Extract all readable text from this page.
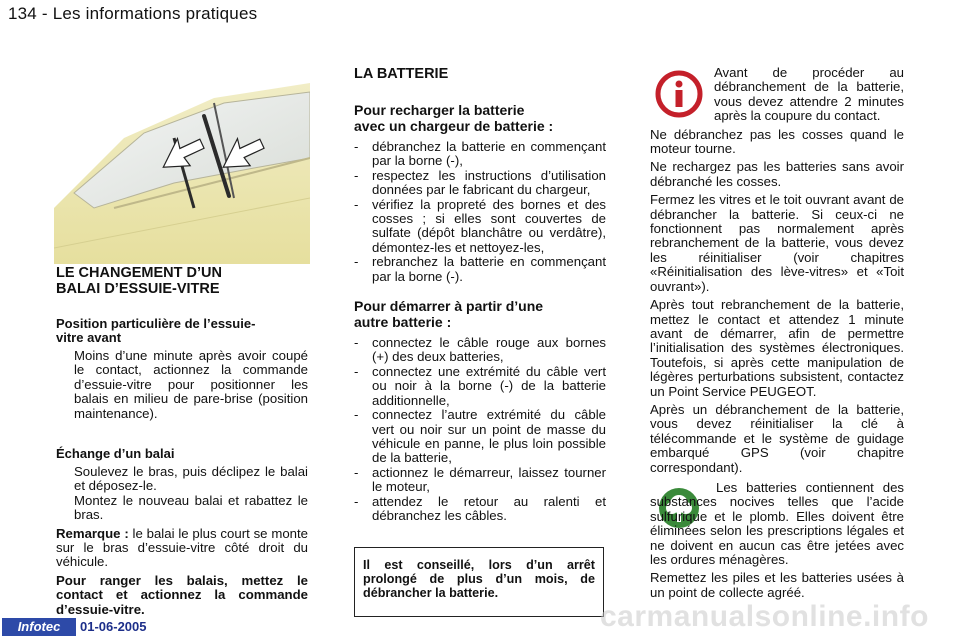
134 - Les informations pratiques
LE CHANGEMENT D’UN
BALAI D’ESSUIE-VITRE
Position particulière de l’essuie-
vitre avant
Moins d’une minute après avoir coupé le contact, actionnez la commande d’essuie-vitre pour positionner les balais en milieu de pare-brise (position maintenance).
Échange d’un balai
Soulevez le bras, puis déclipez le balai et déposez-le.
Montez le nouveau balai et rabattez le bras.

Remarque : le balai le plus court se monte sur le bras d’essuie-vitre côté droit du véhicule.

Pour ranger les balais, mettez le contact et actionnez la commande d’essuie-vitre.

LA BATTERIE
Pour recharger la batterie
avec un chargeur de batterie :
- débranchez la batterie en commençant par la borne (-),
- respectez les instructions d’utilisation données par le fabricant du chargeur,
- vérifiez la propreté des bornes et des cosses ; si elles sont couvertes de sulfate (dépôt blanchâtre ou verdâtre), démontez-les et nettoyez-les,
- rebranchez la batterie en commençant par la borne (-).
Pour démarrer à partir d’une
autre batterie :
- connectez le câble rouge aux bornes (+) des deux batteries,
- connectez une extrémité du câble vert ou noir à la borne (-) de la batterie additionnelle,
- connectez l’autre extrémité du câble vert ou noir sur un point de masse du véhicule en panne, le plus loin possible de la batterie,
- actionnez le démarreur, laissez tourner le moteur,
- attendez le retour au ralenti et débranchez les câbles.

Il est conseillé, lors d’un arrêt prolongé de plus d’un mois, de débrancher la batterie.

Avant de procéder au débranchement de la batterie, vous devez attendre 2 minutes après la coupure du contact.

Ne débranchez pas les cosses quand le moteur tourne.

Ne rechargez pas les batteries sans avoir débranché les cosses.

Fermez les vitres et le toit ouvrant avant de débrancher la batterie. Si ceux-ci ne fonctionnent pas normalement après rebranchement de la batterie, vous devez les réinitialiser (voir chapitres «Réinitialisation des lève-vitres» et «Toit ouvrant»).

Après tout rebranchement de la batterie, mettez le contact et attendez 1 minute avant de démarrer, afin de permettre l’initialisation des systèmes électroniques. Toutefois, si après cette manipulation de légères perturbations subsistent, contactez un Point Service PEUGEOT.

Après un débranchement de la batterie, vous devez réinitialiser la clé à télécommande et le système de guidage embarqué GPS (voir chapitre correspondant).

Les batteries contiennent des substances nocives telles que l’acide sulfurique et le plomb. Elles doivent être éliminées selon les prescriptions légales et ne doivent en aucun cas être jetées avec les ordures ménagères.

Remettez les piles et les batteries usées à un point de collecte agréé.

Infotec	01-06-2005	carmanualsonline.info
